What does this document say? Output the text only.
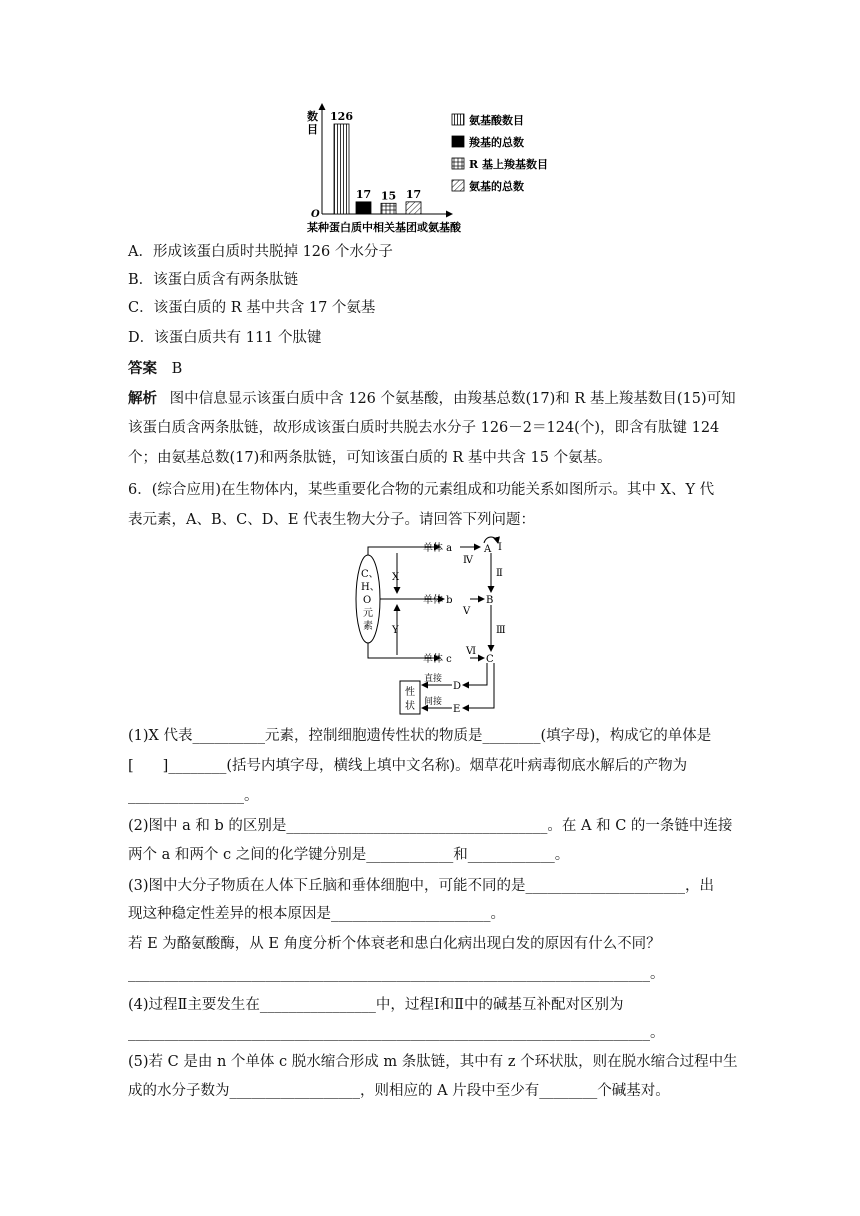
数
目
O
126
17 15 17
某种蛋白质中相关基团或氨基酸
氨基酸数目
羧基的总数
R 基上羧基数目
氨基的总数
A．形成该蛋白质时共脱掉 126 个水分子
B．该蛋白质含有两条肽链
C．该蛋白质的 R 基中共含 17 个氨基
D．该蛋白质共有 111 个肽键
答案 B
解析 图中信息显示该蛋白质中含 126 个氨基酸，由羧基总数(17)和 R 基上羧基数目(15)可知
该蛋白质含两条肽链，故形成该蛋白质时共脱去水分子 126－2＝124(个)，即含有肽键 124
个；由氨基总数(17)和两条肽链，可知该蛋白质的 R 基中共含 15 个氨基。
6．(综合应用)在生物体内，某些重要化合物的元素组成和功能关系如图所示。其中 X、Y 代
表元素，A、B、C、D、E 代表生物大分子。请回答下列问题：
C、
H、
O
元
素
X
Y
单体 a
单体 b
单体 c
A Ⅰ
Ⅳ
Ⅱ
B
Ⅴ
Ⅲ
Ⅵ
C
D
E
直接
间接
性
状
(1)X 代表__________元素，控制细胞遗传性状的物质是________(填字母)，构成它的单体是
[　　]________(括号内填字母，横线上填中文名称)。烟草花叶病毒彻底水解后的产物为
________________。
(2)图中 a 和 b 的区别是____________________________________。在 A 和 C 的一条链中连接
两个 a 和两个 c 之间的化学键分别是____________和____________。
(3)图中大分子物质在人体下丘脑和垂体细胞中，可能不同的是______________________，出
现这种稳定性差异的根本原因是______________________。
若 E 为酪氨酸酶，从 E 角度分析个体衰老和患白化病出现白发的原因有什么不同？
________________________________________________________________________。
(4)过程Ⅱ主要发生在________________中，过程Ⅰ和Ⅱ中的碱基互补配对区别为
________________________________________________________________________。
(5)若 C 是由 n 个单体 c 脱水缩合形成 m 条肽链，其中有 z 个环状肽，则在脱水缩合过程中生
成的水分子数为__________________，则相应的 A 片段中至少有________个碱基对。
